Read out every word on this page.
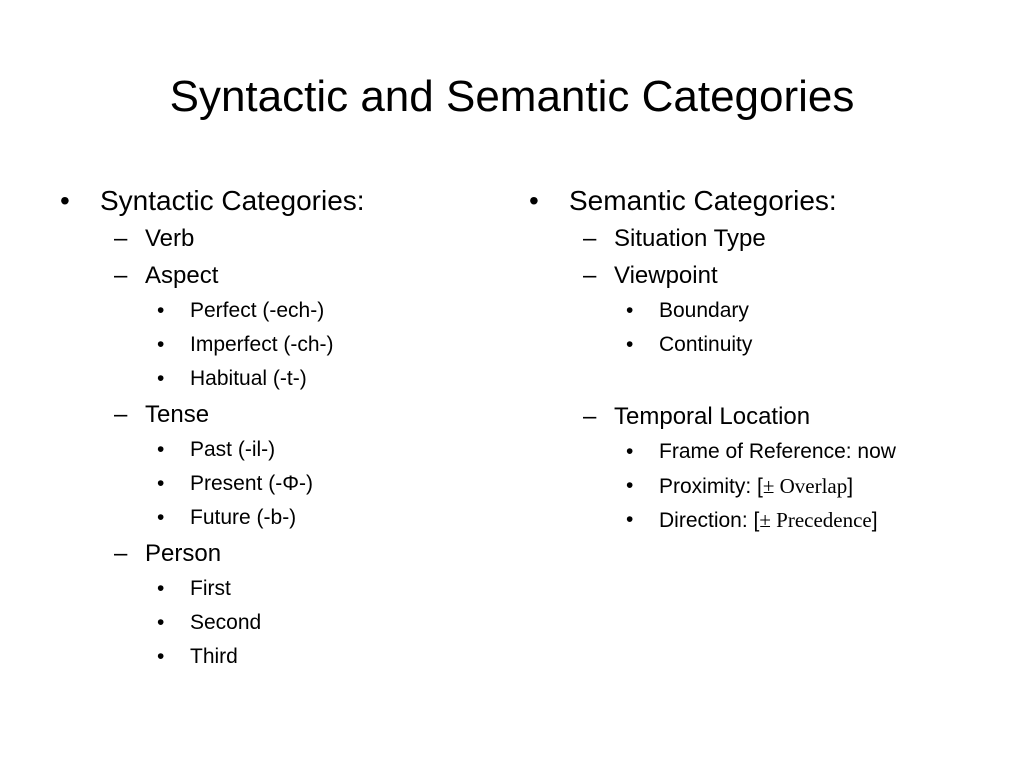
Syntactic and Semantic Categories
• Syntactic Categories:
– Verb
– Aspect
• Perfect (-ech-)
• Imperfect (-ch-)
• Habitual (-t-)
– Tense
• Past (-il-)
• Present (-Φ-)
• Future (-b-)
– Person
• First
• Second
• Third
• Semantic Categories:
– Situation Type
– Viewpoint
• Boundary
• Continuity
– Temporal Location
• Frame of Reference: now
• Proximity: [± Overlap]
• Direction: [± Precedence]
